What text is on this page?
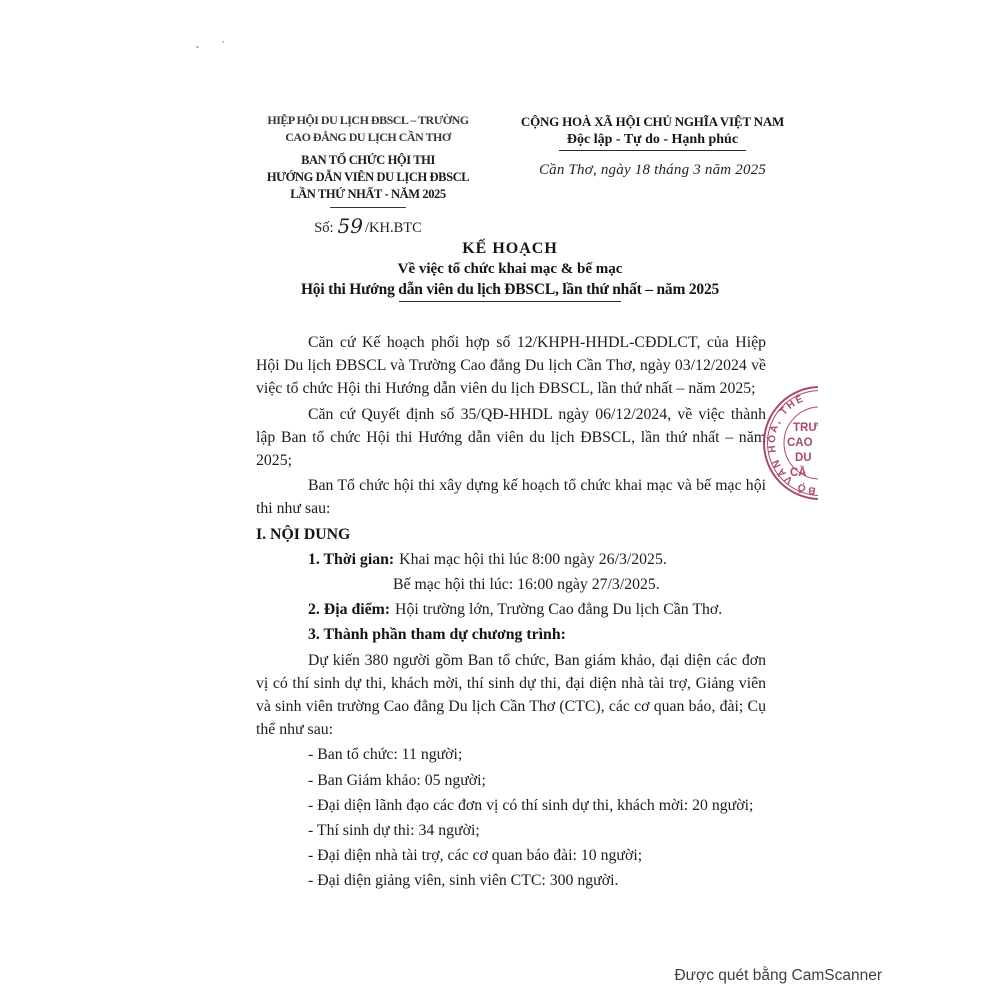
HIỆP HỘI DU LỊCH ĐBSCL – TRƯỜNG
CAO ĐẲNG DU LỊCH CẦN THƠ
BAN TỔ CHỨC HỘI THI
HƯỚNG DẪN VIÊN DU LỊCH ĐBSCL
LẦN THỨ NHẤT - NĂM 2025
Số: 59 /KH.BTC
CỘNG HOÀ XÃ HỘI CHỦ NGHĨA VIỆT NAM
Độc lập - Tự do - Hạnh phúc
Cần Thơ, ngày 18 tháng 3 năm 2025
KẾ HOẠCH
Về việc tổ chức khai mạc & bế mạc
Hội thi Hướng dẫn viên du lịch ĐBSCL, lần thứ nhất – năm 2025

Căn cứ Kế hoạch phối hợp số 12/KHPH-HHDL-CĐDLCT, của Hiệp Hội Du lịch ĐBSCL và Trường Cao đẳng Du lịch Cần Thơ, ngày 03/12/2024 về việc tổ chức Hội thi Hướng dẫn viên du lịch ĐBSCL, lần thứ nhất – năm 2025;

Căn cứ Quyết định số 35/QĐ-HHDL ngày 06/12/2024, về việc thành lập Ban tổ chức Hội thi Hướng dẫn viên du lịch ĐBSCL, lần thứ nhất – năm 2025;

Ban Tổ chức hội thi xây dựng kế hoạch tổ chức khai mạc và bế mạc hội thi như sau:

I. NỘI DUNG
1. Thời gian: Khai mạc hội thi lúc 8:00 ngày 26/3/2025.
Bế mạc hội thi lúc: 16:00 ngày 27/3/2025.
2. Địa điểm: Hội trường lớn, Trường Cao đẳng Du lịch Cần Thơ.
3. Thành phần tham dự chương trình:

Dự kiến 380 người gồm Ban tổ chức, Ban giám khảo, đại diện các đơn vị có thí sinh dự thi, khách mời, thí sinh dự thi, đại diện nhà tài trợ, Giảng viên và sinh viên trường Cao đẳng Du lịch Cần Thơ (CTC), các cơ quan báo, đài; Cụ thể như sau:

- Ban tổ chức: 11 người;
- Ban Giám khảo: 05 người;
- Đại diện lãnh đạo các đơn vị có thí sinh dự thi, khách mời: 20 người;
- Thí sinh dự thi: 34 người;
- Đại diện nhà tài trợ, các cơ quan báo đài: 10 người;
- Đại diện giảng viên, sinh viên CTC: 300 người.
BỘ VĂN HÓA, THỂ
TRƯ
CAO
DU
CẦ
Được quét bằng CamScanner
